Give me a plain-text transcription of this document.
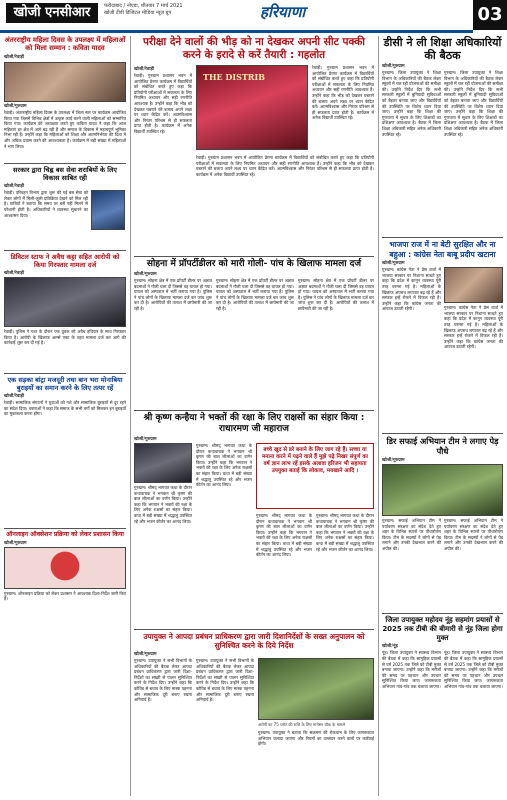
खोजी एनसीआर	फरीदाबाद / नोएडा, शीतवार 7 मार्च 2021
खोजी टीवी डिजिटल मीडिया न्यूज़ ग्रुप	हरियाणा	03
अंतरराष्ट्रीय महिला दिवस के उपलक्ष्य में महिलाओं को मिला सम्मान : कविता यादव
खोजी/रेवाड़ी
खोजी/गुरुग्राम
रेवाड़ी। अंतरराष्ट्रीय महिला दिवस के उपलक्ष्य में जिला स्तर पर कार्यक्रम आयोजित किया गया जिसमें विभिन्न क्षेत्रों में उत्कृष्ट कार्य करने वाली महिलाओं को सम्मानित किया गया। कार्यक्रम की अध्यक्षता करते हुए कविता यादव ने कहा कि आज महिलाएं हर क्षेत्र में आगे बढ़ रही हैं और समाज के विकास में महत्वपूर्ण भूमिका निभा रही हैं। उन्होंने कहा कि महिलाओं को शिक्षा और आत्मनिर्भरता की दिशा में और अधिक प्रयास करने की आवश्यकता है। कार्यक्रम में बड़ी संख्या में महिलाओं ने भाग लिया।
सरकार द्वारा चिह्न बस सेवा शराबियों के लिए विकास साबित रही
खोजी/रेवाड़ी
रेवाड़ी। परिवहन विभाग द्वारा शुरू की गई बस सेवा को लेकर लोगों में मिली-जुली प्रतिक्रिया देखने को मिल रही है। यात्रियों ने बताया कि समय पर बसें नहीं मिलने से परेशानी होती है। अधिकारियों ने व्यवस्था सुधारने का आश्वासन दिया।
डिविटल स्टाफ ने अवैध कट्टा सहित आरोपी को किया गिरफ्तार मामला दर्ज
खोजी/रेवाड़ी
रेवाड़ी। पुलिस ने गश्त के दौरान एक युवक को अवैध हथियार के साथ गिरफ्तार किया है। आरोपी के खिलाफ आर्म्स एक्ट के तहत मामला दर्ज कर आगे की कार्रवाई शुरू कर दी गई है।
एक सड़का बांट्रा मजदूरी तथा बान भरा मोनाबिया बुराइयों का समान करने के लिए तत्पर रहें
खोजी/रेवाड़ी
रेवाड़ी। सामाजिक संगठनों ने युवाओं को नशे और सामाजिक बुराइयों से दूर रहने का संदेश दिया। वक्ताओं ने कहा कि समाज के सभी वर्गों को मिलकर इन बुराइयों का मुकाबला करना होगा।
ऑनलाइन ऑक्सेशन प्रक्रिया को लेकर प्रशासन किया
खोजी/गुरुग्राम
गुरुग्राम। ऑनलाइन प्रक्रिया को लेकर प्रशासन ने आवश्यक दिशा-निर्देश जारी किए हैं।
परीक्षा देने वालों की भीड़ को ना देखकर अपनी सीट पक्की करने के इरादे से करें तैयारी : गहलोत
खोजी/रेवाड़ी
रेवाड़ी। गुरुग्राम प्रशासन भवन में आयोजित प्रेरणा कार्यक्रम में विद्यार्थियों को संबोधित करते हुए कहा कि प्रतियोगी परीक्षाओं में सफलता के लिए नियमित अध्ययन और सही रणनीति आवश्यक है। उन्होंने कहा कि भीड़ को देखकर घबराने की बजाय अपने लक्ष्य पर ध्यान केंद्रित करें। आत्मविश्वास और निरंतर परिश्रम से ही सफलता प्राप्त होती है। कार्यक्रम में अनेक विद्यार्थी उपस्थित रहे।
THE DISTRIB
रेवाड़ी। गुरुग्राम प्रशासन भवन में आयोजित प्रेरणा कार्यक्रम में विद्यार्थियों को संबोधित करते हुए कहा कि प्रतियोगी परीक्षाओं में सफलता के लिए नियमित अध्ययन और सही रणनीति आवश्यक है। उन्होंने कहा कि भीड़ को देखकर घबराने की बजाय अपने लक्ष्य पर ध्यान केंद्रित करें। आत्मविश्वास और निरंतर परिश्रम से ही सफलता प्राप्त होती है। कार्यक्रम में अनेक विद्यार्थी उपस्थित रहे।
रेवाड़ी। गुरुग्राम प्रशासन भवन में आयोजित प्रेरणा कार्यक्रम में विद्यार्थियों को संबोधित करते हुए कहा कि प्रतियोगी परीक्षाओं में सफलता के लिए नियमित अध्ययन और सही रणनीति आवश्यक है। उन्होंने कहा कि भीड़ को देखकर घबराने की बजाय अपने लक्ष्य पर ध्यान केंद्रित करें। आत्मविश्वास और निरंतर परिश्रम से ही सफलता प्राप्त होती है। कार्यक्रम में अनेक विद्यार्थी उपस्थित रहे।
सोहना में प्रॉपर्टीडीलर को मारी गोली- पांच के खिलाफ मामला दर्ज
खोजी/गुरुग्राम
गुरुग्राम। सोहना क्षेत्र में एक प्रॉपर्टी डीलर पर अज्ञात बदमाशों ने गोली चला दी जिससे वह घायल हो गया। घायल को अस्पताल में भर्ती कराया गया है। पुलिस ने पांच लोगों के खिलाफ मामला दर्ज कर जांच शुरू कर दी है। आरोपियों की तलाश में छापेमारी की जा रही है।
गुरुग्राम। सोहना क्षेत्र में एक प्रॉपर्टी डीलर पर अज्ञात बदमाशों ने गोली चला दी जिससे वह घायल हो गया। घायल को अस्पताल में भर्ती कराया गया है। पुलिस ने पांच लोगों के खिलाफ मामला दर्ज कर जांच शुरू कर दी है। आरोपियों की तलाश में छापेमारी की जा रही है।
गुरुग्राम। सोहना क्षेत्र में एक प्रॉपर्टी डीलर पर अज्ञात बदमाशों ने गोली चला दी जिससे वह घायल हो गया। घायल को अस्पताल में भर्ती कराया गया है। पुलिस ने पांच लोगों के खिलाफ मामला दर्ज कर जांच शुरू कर दी है। आरोपियों की तलाश में छापेमारी की जा रही है।
श्री कृष्ण कन्हैया ने भक्तों की रक्षा के लिए राक्षसों का संहार किया : राधारमण जी महाराज
खोजी/गुरुग्राम
गुरुग्राम। श्रीमद् भागवत कथा के दौरान कथावाचक ने भगवान श्री कृष्ण की बाल लीलाओं का वर्णन किया। उन्होंने कहा कि भगवान ने भक्तों की रक्षा के लिए अनेक राक्षसों का संहार किया। कथा में बड़ी संख्या में श्रद्धालु उपस्थित रहे और भजन कीर्तन का आनंद लिया।
गुरुग्राम। श्रीमद् भागवत कथा के दौरान कथावाचक ने भगवान श्री कृष्ण की बाल लीलाओं का वर्णन किया। उन्होंने कहा कि भगवान ने भक्तों की रक्षा के लिए अनेक राक्षसों का संहार किया। कथा में बड़ी संख्या में श्रद्धालु उपस्थित रहे और भजन कीर्तन का आनंद लिया।

बच्चे खुद से डरे बनाने के लिए जाग रहे हैं। सच्चा या मनाना करने में पढ़ने वाले हैं मुझे पढ़े निखर संपूर्ण का वर्ष ज्ञान लाभ रहें इसके अलावा हरिजन भी सहायता उपयुक्त बताई कि लोकाव, मयखाने आदि ।

गुरुग्राम। श्रीमद् भागवत कथा के दौरान कथावाचक ने भगवान श्री कृष्ण की बाल लीलाओं का वर्णन किया। उन्होंने कहा कि भगवान ने भक्तों की रक्षा के लिए अनेक राक्षसों का संहार किया। कथा में बड़ी संख्या में श्रद्धालु उपस्थित रहे और भजन कीर्तन का आनंद लिया।
गुरुग्राम। श्रीमद् भागवत कथा के दौरान कथावाचक ने भगवान श्री कृष्ण की बाल लीलाओं का वर्णन किया। उन्होंने कहा कि भगवान ने भक्तों की रक्षा के लिए अनेक राक्षसों का संहार किया। कथा में बड़ी संख्या में श्रद्धालु उपस्थित रहे और भजन कीर्तन का आनंद लिया।
उपायुक्त ने आपदा प्रबंधन प्राधिकरण द्वारा जारी दिशानिर्देशों के सख्त अनुपालन को सुनिश्चित करने के दिये निर्देश
खोजी/गुरुग्राम
गुरुग्राम। उपायुक्त ने सभी विभागों के अधिकारियों की बैठक लेकर आपदा प्रबंधन प्राधिकरण द्वारा जारी दिशा-निर्देशों का सख्ती से पालन सुनिश्चित करने के निर्देश दिए। उन्होंने कहा कि कोविड से बचाव के लिए मास्क पहनना और सामाजिक दूरी बनाए रखना अनिवार्य है।
गुरुग्राम। उपायुक्त ने सभी विभागों के अधिकारियों की बैठक लेकर आपदा प्रबंधन प्राधिकरण द्वारा जारी दिशा-निर्देशों का सख्ती से पालन सुनिश्चित करने के निर्देश दिए। उन्होंने कहा कि कोविड से बचाव के लिए मास्क पहनना और सामाजिक दूरी बनाए रखना अनिवार्य है।
अरोपी का 75 प्लॉट की राशि के लिए मानेसर चौक के मामले
गुरुग्राम। उपायुक्त ने बताया कि संक्रमण की रोकथाम के लिए जागरूकता अभियान चलाया जाएगा और नियमों का उल्लंघन करने वालों पर कार्रवाई होगी।
डीसी ने ली शिक्षा अधिकारियों की बैठक
खोजी/गुरुग्राम
गुरुग्राम। जिला उपायुक्त ने शिक्षा विभाग के अधिकारियों की बैठक लेकर स्कूलों में चल रही योजनाओं की समीक्षा की। उन्होंने निर्देश दिए कि सभी सरकारी स्कूलों में बुनियादी सुविधाओं को बेहतर बनाया जाए और विद्यार्थियों की उपस्थिति पर विशेष ध्यान दिया जाए। उन्होंने कहा कि शिक्षा की गुणवत्ता में सुधार के लिए शिक्षकों का प्रशिक्षण आवश्यक है। बैठक में जिला शिक्षा अधिकारी सहित अनेक अधिकारी उपस्थित रहे।
गुरुग्राम। जिला उपायुक्त ने शिक्षा विभाग के अधिकारियों की बैठक लेकर स्कूलों में चल रही योजनाओं की समीक्षा की। उन्होंने निर्देश दिए कि सभी सरकारी स्कूलों में बुनियादी सुविधाओं को बेहतर बनाया जाए और विद्यार्थियों की उपस्थिति पर विशेष ध्यान दिया जाए। उन्होंने कहा कि शिक्षा की गुणवत्ता में सुधार के लिए शिक्षकों का प्रशिक्षण आवश्यक है। बैठक में जिला शिक्षा अधिकारी सहित अनेक अधिकारी उपस्थित रहे।
भाजपा राज में ना बेटी सुरक्षित और ना बहुआ : कांग्रेस नेता बाबू प्रदीप खटाना
खोजी/गुरुग्राम
गुरुग्राम। कांग्रेस नेता ने प्रेस वार्ता में भाजपा सरकार पर निशाना साधते हुए कहा कि प्रदेश में कानून व्यवस्था पूरी तरह चरमरा गई है। महिलाओं के खिलाफ अपराध लगातार बढ़ रहे हैं और सरकार इन्हें रोकने में विफल रही है। उन्होंने कहा कि कांग्रेस जनता की आवाज उठाती रहेगी।	गुरुग्राम। कांग्रेस नेता ने प्रेस वार्ता में भाजपा सरकार पर निशाना साधते हुए कहा कि प्रदेश में कानून व्यवस्था पूरी तरह चरमरा गई है। महिलाओं के खिलाफ अपराध लगातार बढ़ रहे हैं और सरकार इन्हें रोकने में विफल रही है। उन्होंने कहा कि कांग्रेस जनता की आवाज उठाती रहेगी।
डिर सफाई अभियान टीम ने लगाए पेड़ पौधे
खोजी/गुरुग्राम
गुरुग्राम। सफाई अभियान टीम ने पर्यावरण संरक्षण का संदेश देते हुए शहर के विभिन्न स्थानों पर पौधारोपण किया। टीम के सदस्यों ने लोगों से पेड़ लगाने और उनकी देखभाल करने की अपील की।
गुरुग्राम। सफाई अभियान टीम ने पर्यावरण संरक्षण का संदेश देते हुए शहर के विभिन्न स्थानों पर पौधारोपण किया। टीम के सदस्यों ने लोगों से पेड़ लगाने और उनकी देखभाल करने की अपील की।
जिला उपायुक्त महोदय नूंह सहमांग प्रयासों से 2025 तक टीबी की बीमारी से नूंह जिला होगा मुक्त
खोजी/नूंह
नूंह। जिला उपायुक्त ने स्वास्थ्य विभाग की बैठक में कहा कि सामूहिक प्रयासों से वर्ष 2025 तक जिले को टीबी मुक्त बनाया जाएगा। उन्होंने कहा कि मरीजों की समय पर पहचान और उपचार सुनिश्चित किया जाए। जागरूकता अभियान गांव-गांव तक चलाया जाएगा।
नूंह। जिला उपायुक्त ने स्वास्थ्य विभाग की बैठक में कहा कि सामूहिक प्रयासों से वर्ष 2025 तक जिले को टीबी मुक्त बनाया जाएगा। उन्होंने कहा कि मरीजों की समय पर पहचान और उपचार सुनिश्चित किया जाए। जागरूकता अभियान गांव-गांव तक चलाया जाएगा।
